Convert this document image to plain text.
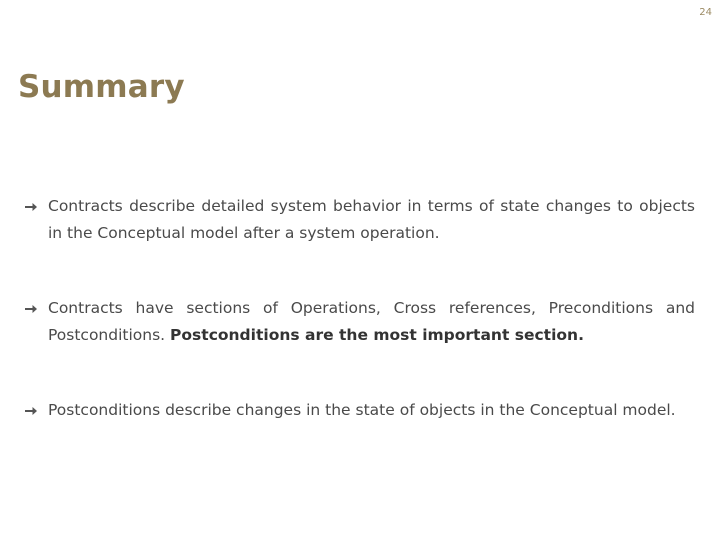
24
Summary
Contracts describe detailed system behavior in terms of state changes to objects in the Conceptual model after a system operation.
Contracts have sections of Operations, Cross references, Preconditions and Postconditions. Postconditions are the most important section.
Postconditions describe changes in the state of objects in the Conceptual model.
